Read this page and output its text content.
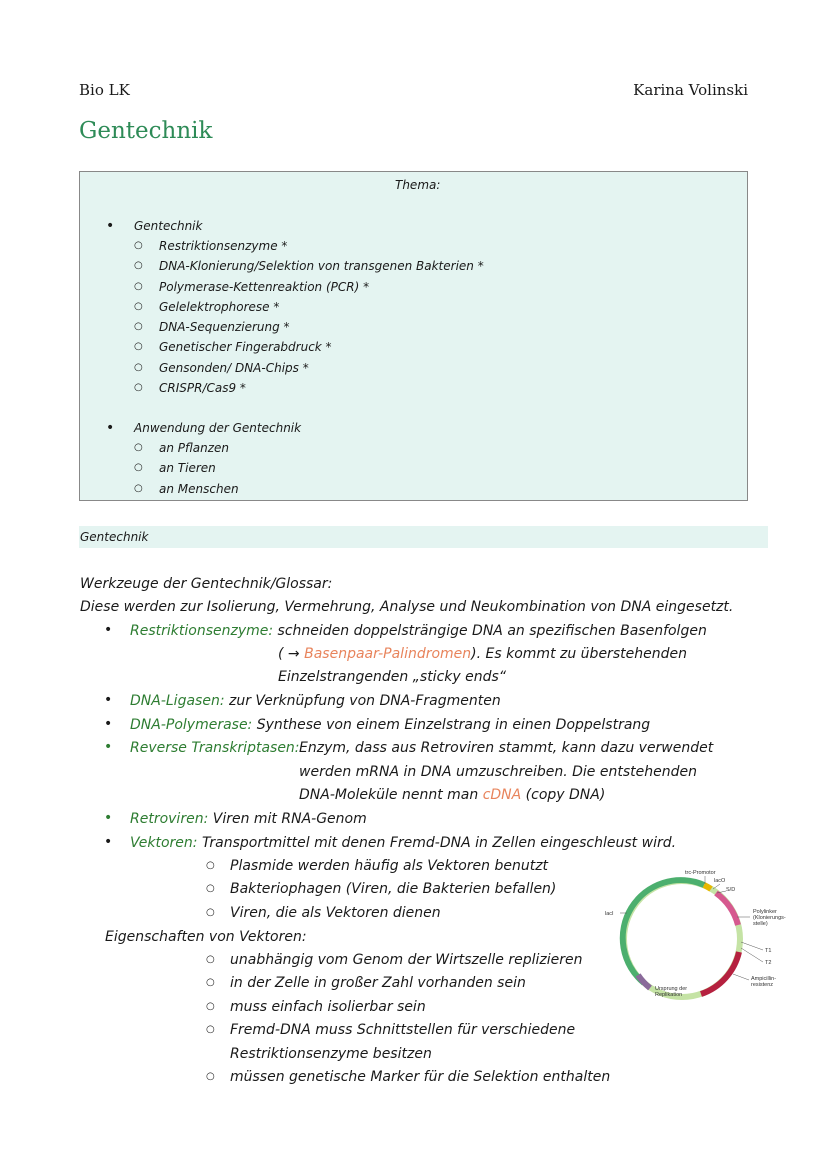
Bio LK	Karina Volinski
Gentechnik
Thema:
• Gentechnik
○ Restriktionsenzyme *
○ DNA-Klonierung/Selektion von transgenen Bakterien *
○ Polymerase-Kettenreaktion (PCR) *
○ Gelelektrophorese *
○ DNA-Sequenzierung *
○ Genetischer Fingerabdruck *
○ Gensonden/ DNA-Chips *
○ CRISPR/Cas9 *
• Anwendung der Gentechnik
○ an Pflanzen
○ an Tieren
○ an Menschen
Gentechnik
Werkzeuge der Gentechnik/Glossar:
Diese werden zur Isolierung, Vermehrung, Analyse und Neukombination von DNA eingesetzt.
• Restriktionsenzyme: schneiden doppelsträngige DNA an spezifischen Basenfolgen
( → Basenpaar-Palindromen). Es kommt zu überstehenden
Einzelstrangenden „sticky ends“
• DNA-Ligasen: zur Verknüpfung von DNA-Fragmenten
• DNA-Polymerase: Synthese von einem Einzelstrang in einen Doppelstrang
• Reverse Transkriptasen: Enzym, dass aus Retroviren stammt, kann dazu verwendet
werden mRNA in DNA umzuschreiben. Die entstehenden
DNA-Moleküle nennt man cDNA (copy DNA)
• Retroviren: Viren mit RNA-Genom
• Vektoren: Transportmittel mit denen Fremd-DNA in Zellen eingeschleust wird.
○ Plasmide werden häufig als Vektoren benutzt
○ Bakteriophagen (Viren, die Bakterien befallen)
○ Viren, die als Vektoren dienen
Eigenschaften von Vektoren:
○ unabhängig vom Genom der Wirtszelle replizieren
○ in der Zelle in großer Zahl vorhanden sein
○ muss einfach isolierbar sein
○ Fremd-DNA muss Schnittstellen für verschiedene
Restriktionsenzyme besitzen
○ müssen genetische Marker für die Selektion enthalten
trc-Promotor
lacO
S/D
lacI	Polylinker
(Klonierungs-
stelle)
T1
T2
Ampicillin-
resistenz
Ursprung der
Replikation
